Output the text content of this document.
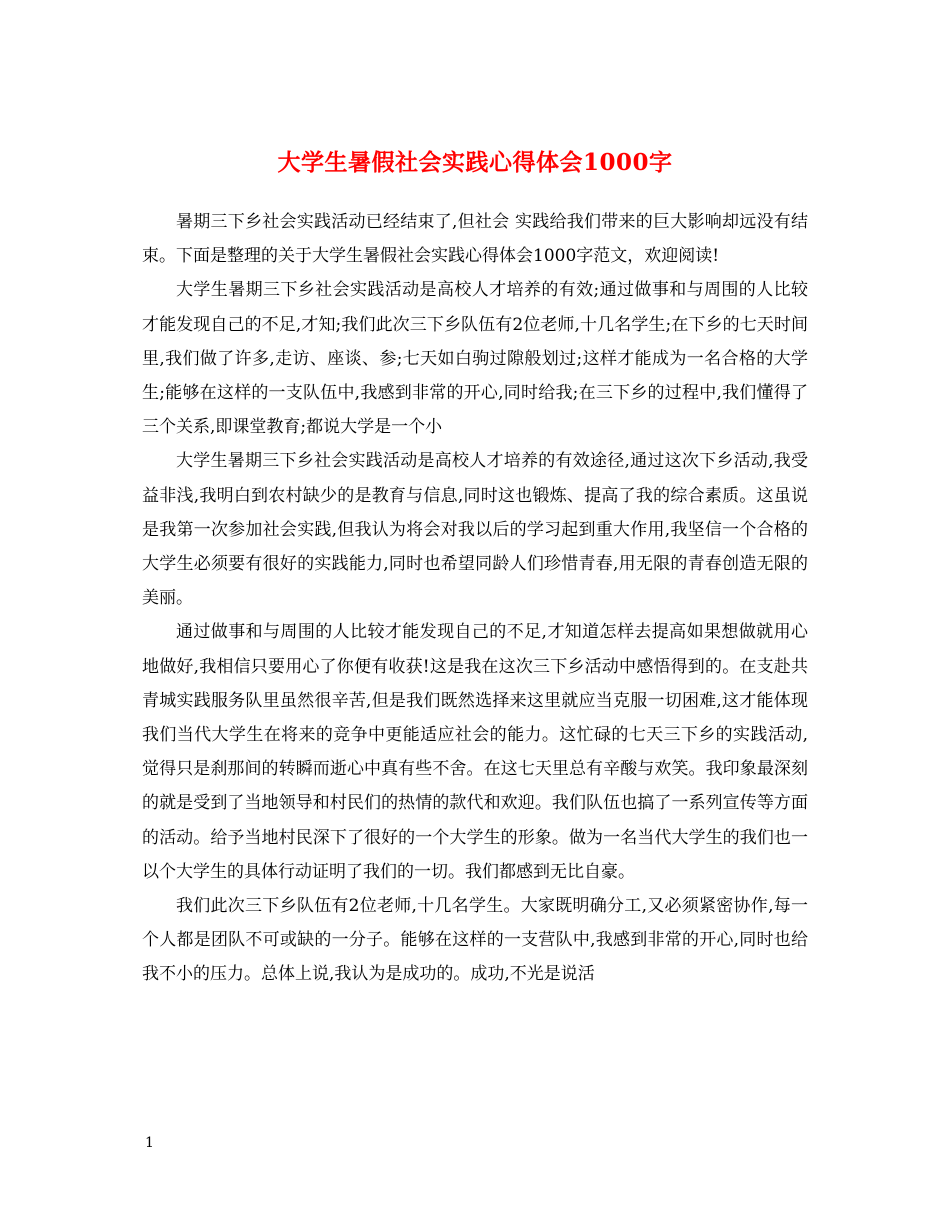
大学生暑假社会实践心得体会1000字

暑期三下乡社会实践活动已经结束了,但社会 实践给我们带来的巨大影响却远没有结束。下面是整理的关于大学生暑假社会实践心得体会1000字范文，欢迎阅读!

大学生暑期三下乡社会实践活动是高校人才培养的有效;通过做事和与周围的人比较才能发现自己的不足,才知;我们此次三下乡队伍有2位老师,十几名学生;在下乡的七天时间里,我们做了许多,走访、座谈、参;七天如白驹过隙般划过;这样才能成为一名合格的大学生;能够在这样的一支队伍中,我感到非常的开心,同时给我;在三下乡的过程中,我们懂得了三个关系,即课堂教育;都说大学是一个小

大学生暑期三下乡社会实践活动是高校人才培养的有效途径,通过这次下乡活动,我受益非浅,我明白到农村缺少的是教育与信息,同时这也锻炼、提高了我的综合素质。这虽说是我第一次参加社会实践,但我认为将会对我以后的学习起到重大作用,我坚信一个合格的大学生必须要有很好的实践能力,同时也希望同龄人们珍惜青春,用无限的青春创造无限的美丽。

通过做事和与周围的人比较才能发现自己的不足,才知道怎样去提高如果想做就用心地做好,我相信只要用心了你便有收获!这是我在这次三下乡活动中感悟得到的。在支赴共青城实践服务队里虽然很辛苦,但是我们既然选择来这里就应当克服一切困难,这才能体现我们当代大学生在将来的竞争中更能适应社会的能力。这忙碌的七天三下乡的实践活动,觉得只是刹那间的转瞬而逝心中真有些不舍。在这七天里总有辛酸与欢笑。我印象最深刻的就是受到了当地领导和村民们的热情的款代和欢迎。我们队伍也搞了一系列宣传等方面的活动。给予当地村民深下了很好的一个大学生的形象。做为一名当代大学生的我们也一以个大学生的具体行动证明了我们的一切。我们都感到无比自豪。

我们此次三下乡队伍有2位老师,十几名学生。大家既明确分工,又必须紧密协作,每一个人都是团队不可或缺的一分子。能够在这样的一支营队中,我感到非常的开心,同时也给我不小的压力。总体上说,我认为是成功的。成功,不光是说活

1
